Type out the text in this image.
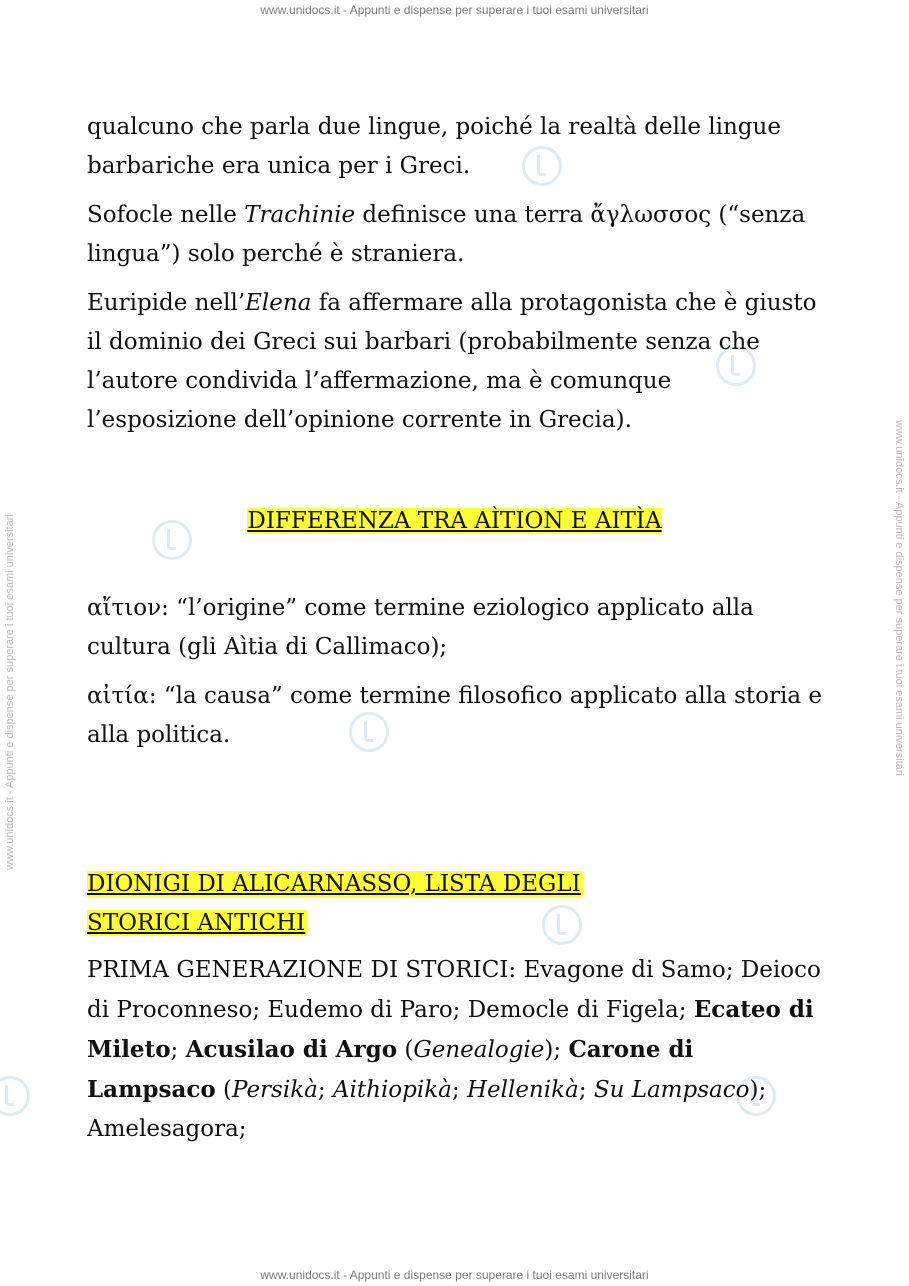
www.unidocs.it - Appunti e dispense per superare i tuoi esami universitari
www.unidocs.it - Appunti e dispense per superare i tuoi esami universitari
www.unidocs.it - Appunti e dispense per superare i tuoi esami universitari	www.unidocs.it - Appunti e dispense per superare i tuoi esami universitari

qualcuno che parla due lingue, poiché la realtà delle lingue barbariche era unica per i Greci.

Sofocle nelle Trachinie definisce una terra ἄγλωσσος (“senza lingua”) solo perché è straniera.

Euripide nell’Elena fa affermare alla protagonista che è giusto il dominio dei Greci sui barbari (probabilmente senza che l’autore condivida l’affermazione, ma è comunque l’esposizione dell’opinione corrente in Grecia).

DIFFERENZA TRA AÌTION E AITÌA

αἴτιον: “l’origine” come termine eziologico applicato alla cultura (gli Aìtia di Callimaco);

αἰτία: “la causa” come termine filosofico applicato alla storia e alla politica.

DIONIGI DI ALICARNASSO, LISTA DEGLI
STORICI ANTICHI

PRIMA GENERAZIONE DI STORICI: Evagone di Samo; Deioco di Proconneso; Eudemo di Paro; Democle di Figela; Ecateo di Mileto; Acusilao di Argo (Genealogie); Carone di Lampsaco (Persikà; Aithiopikà; Hellenikà; Su Lampsaco); Amelesagora;
